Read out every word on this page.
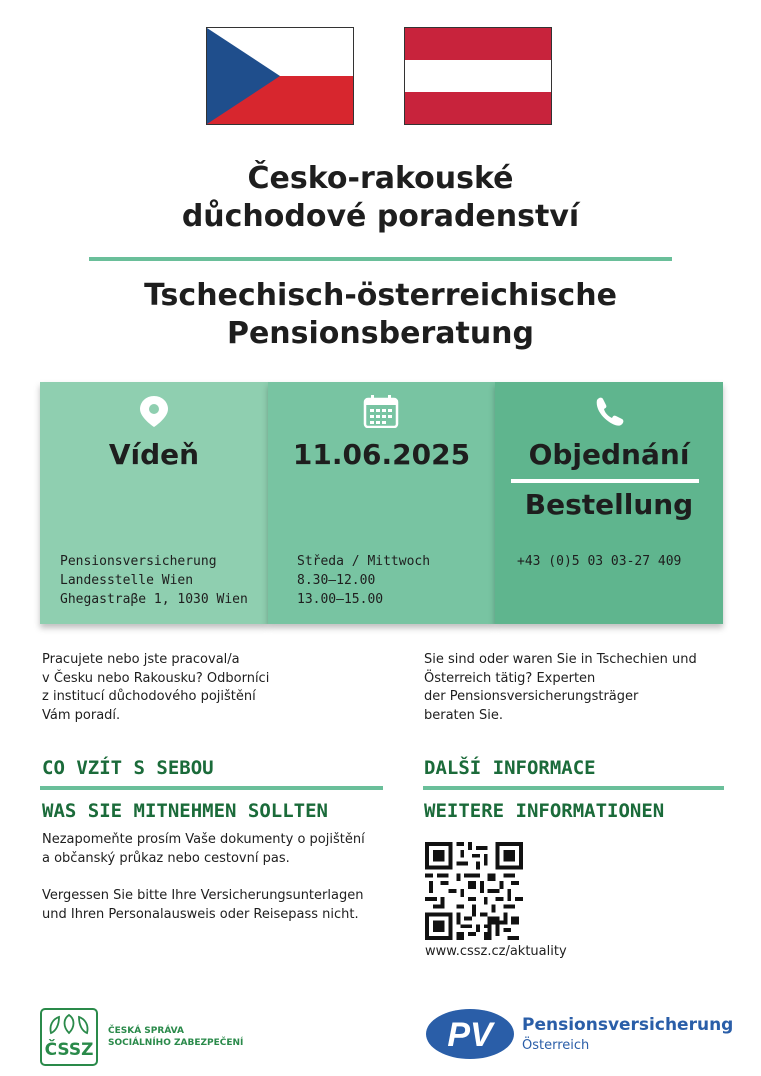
Česko-rakouské
důchodové poradenství
Tschechisch-österreichische
Pensionsberatung
Vídeň
Pensionsversicherung
Landesstelle Wien
Ghegastraβe 1, 1030 Wien
11.06.2025
Středa / Mittwoch
8.30–12.00
13.00–15.00
Objednání
Bestellung
+43 (0)5 03 03-27 409
Pracujete nebo jste pracoval/a
v Česku nebo Rakousku? Odborníci
z institucí důchodového pojištění
Vám poradí.
Sie sind oder waren Sie in Tschechien und
Österreich tätig? Experten
der Pensionsversicherungsträger
beraten Sie.
CO VZÍT S SEBOU
WAS SIE MITNEHMEN SOLLTEN
Nezapomeňte prosím Vaše dokumenty o pojištění
a občanský průkaz nebo cestovní pas.
Vergessen Sie bitte Ihre Versicherungsunterlagen
und Ihren Personalausweis oder Reisepass nicht.
DALŠÍ INFORMACE
WEITERE INFORMATIONEN
www.cssz.cz/aktuality
ČSSZ
ČESKÁ SPRÁVA
SOCIÁLNÍHO ZABEZPEČENÍ	PV Pensionsversicherung
Österreich
